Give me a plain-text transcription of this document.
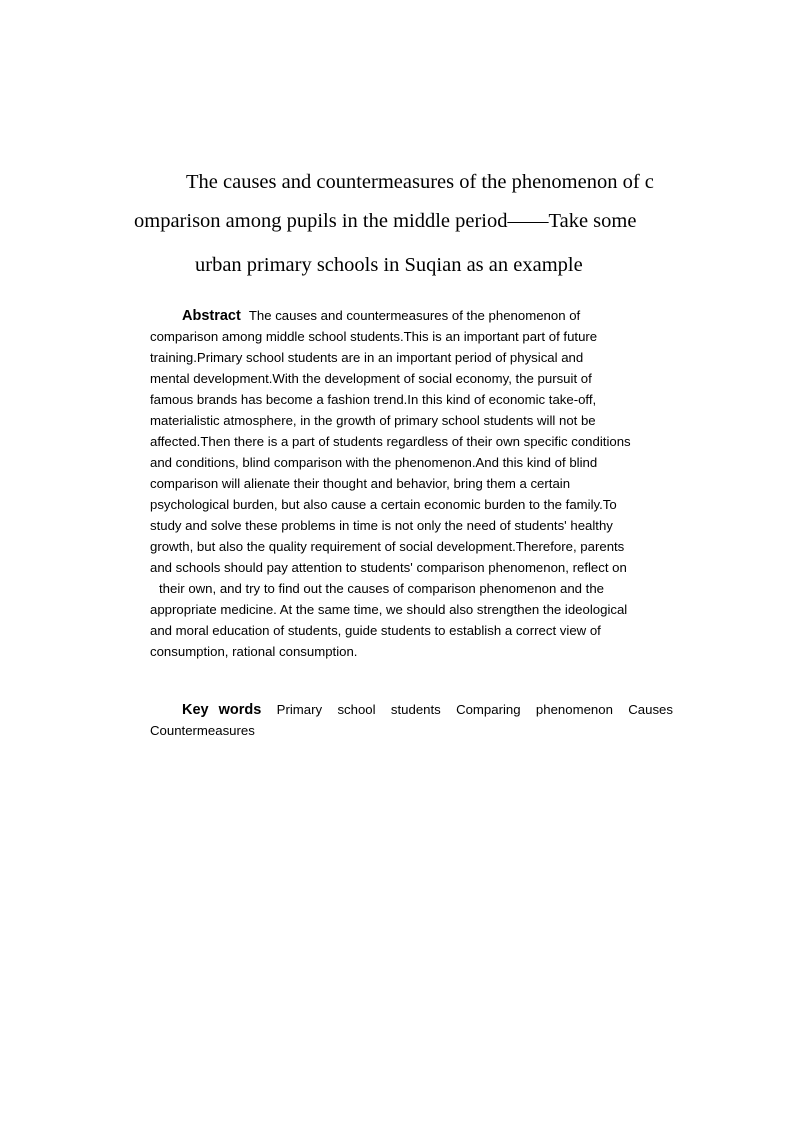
The causes and countermeasures of the phenomenon of c
omparison among pupils in the middle period——Take some
urban primary schools in Suqian as an example
Abstract The causes and countermeasures of the phenomenon of
comparison among middle school students.This is an important part of future
training.Primary school students are in an important period of physical and
mental development.With the development of social economy, the pursuit of
famous brands has become a fashion trend.In this kind of economic take-off,
materialistic atmosphere, in the growth of primary school students will not be
affected.Then there is a part of students regardless of their own specific conditions
and conditions, blind comparison with the phenomenon.And this kind of blind
comparison will alienate their thought and behavior, bring them a certain
psychological burden, but also cause a certain economic burden to the family.To
study and solve these problems in time is not only the need of students' healthy
growth, but also the quality requirement of social development.Therefore, parents
and schools should pay attention to students' comparison phenomenon, reflect on
their own, and try to find out the causes of comparison phenomenon and the
appropriate medicine. At the same time, we should also strengthen the ideological
and moral education of students, guide students to establish a correct view of
consumption, rational consumption.
Key words Primary school students Comparing phenomenon Causes
Countermeasures
